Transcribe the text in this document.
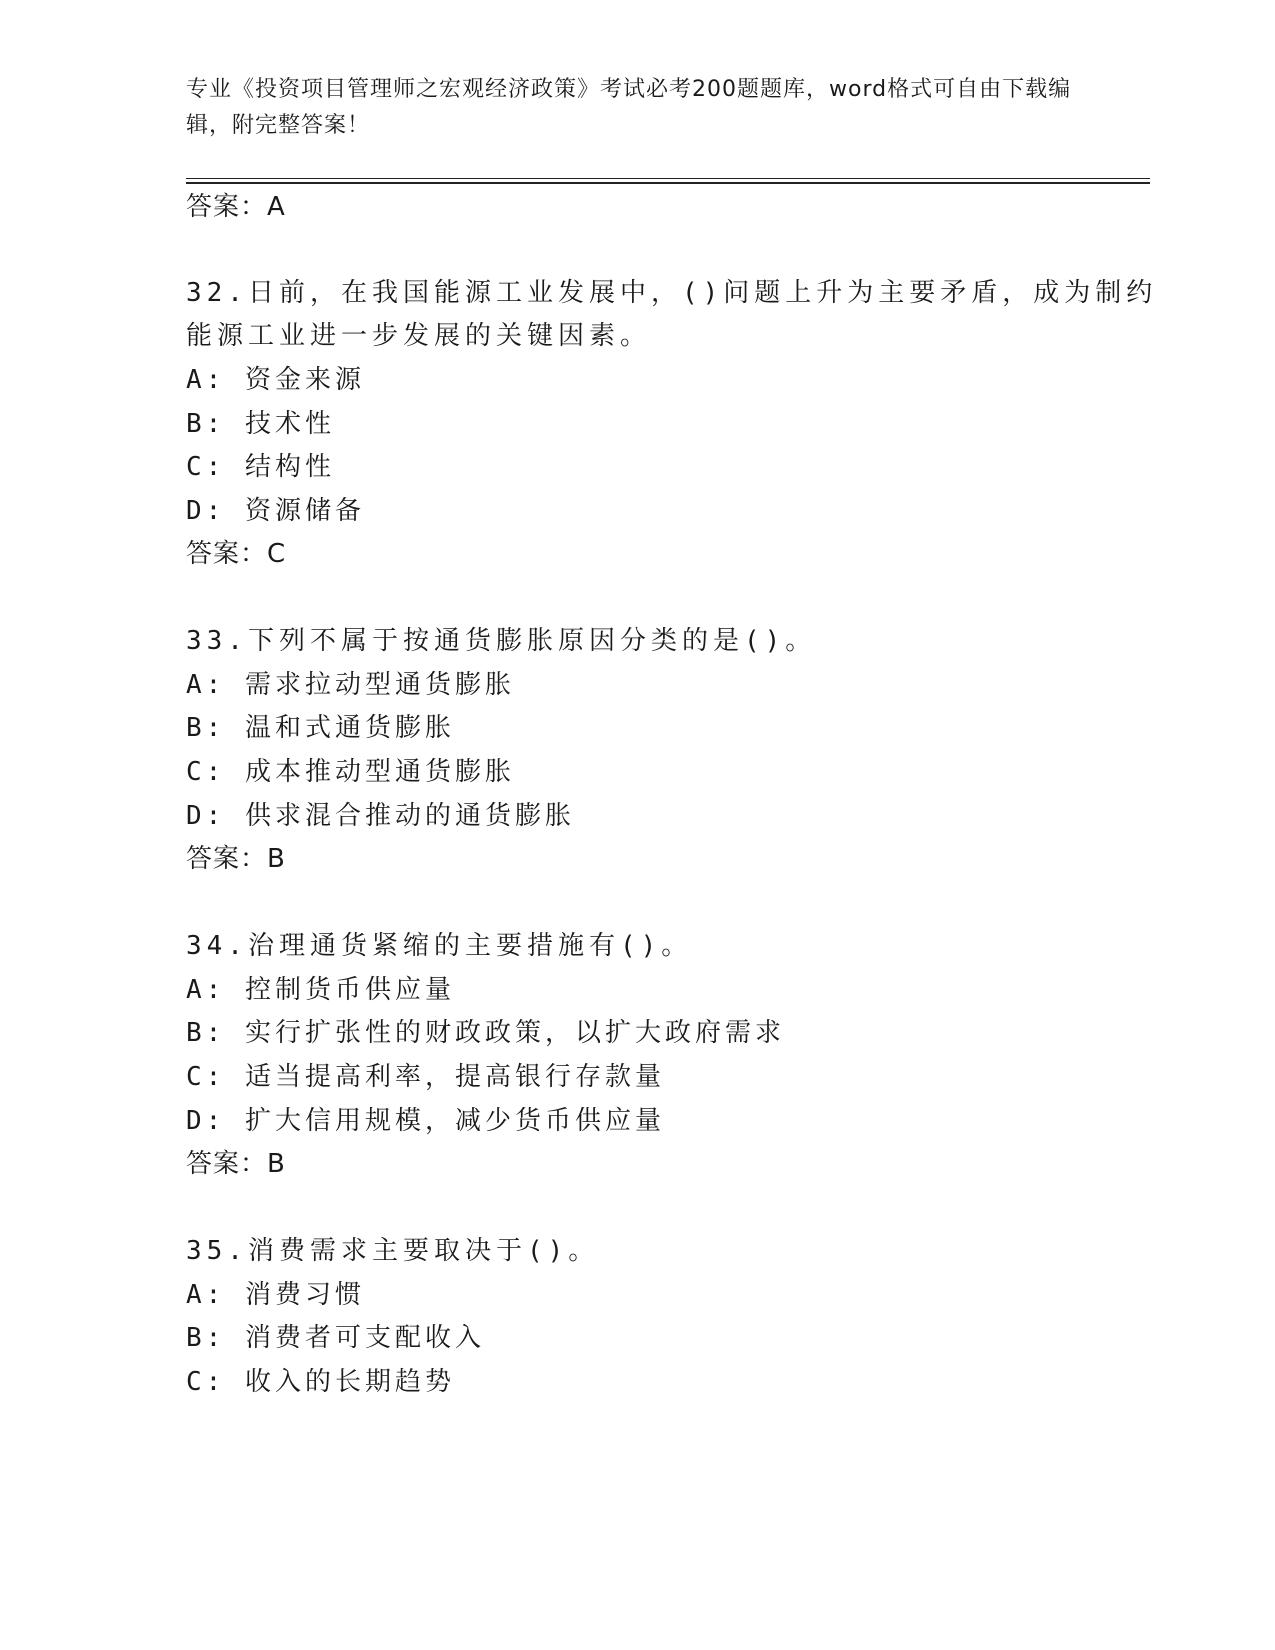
专业《投资项目管理师之宏观经济政策》考试必考200题题库，word格式可自由下载编辑，附完整答案！
答案：A
32.日前，在我国能源工业发展中，()问题上升为主要矛盾，成为制约
能源工业进一步发展的关键因素。
A: 资金来源
B: 技术性
C: 结构性
D: 资源储备
答案：C
33.下列不属于按通货膨胀原因分类的是()。
A: 需求拉动型通货膨胀
B: 温和式通货膨胀
C: 成本推动型通货膨胀
D: 供求混合推动的通货膨胀
答案：B
34.治理通货紧缩的主要措施有()。
A: 控制货币供应量
B: 实行扩张性的财政政策，以扩大政府需求
C: 适当提高利率，提高银行存款量
D: 扩大信用规模，减少货币供应量
答案：B
35.消费需求主要取决于()。
A: 消费习惯
B: 消费者可支配收入
C: 收入的长期趋势
